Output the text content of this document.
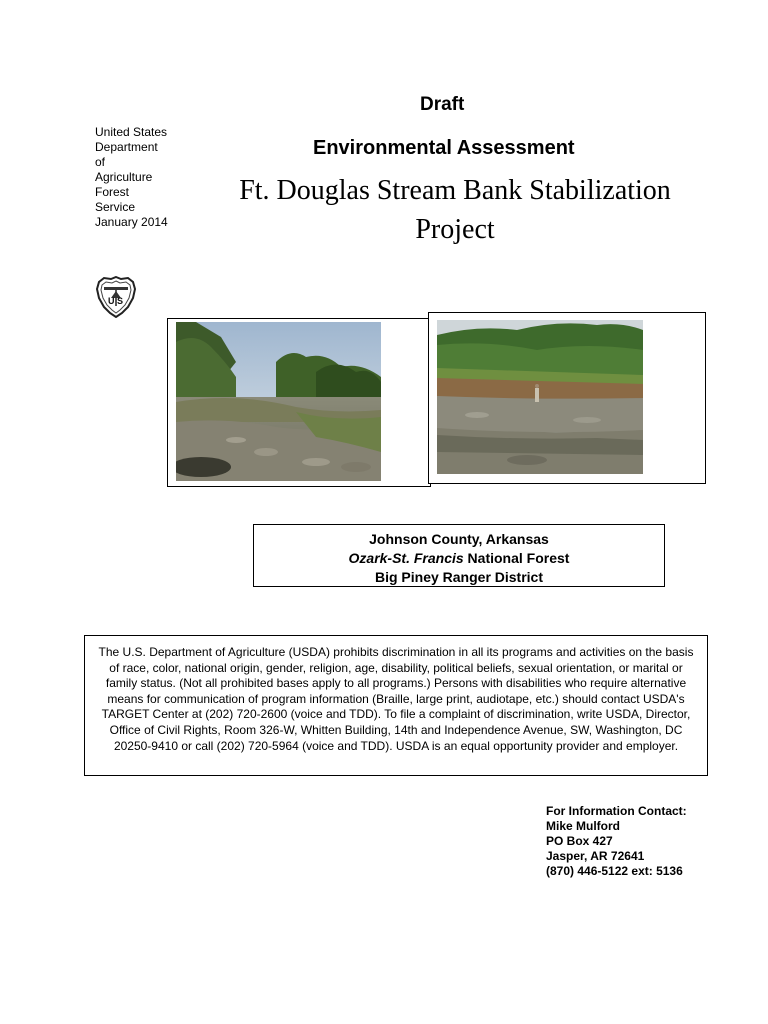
United States
Department
of
Agriculture
Forest
Service
January 2014
U S
Draft
Environmental Assessment
Ft. Douglas Stream Bank Stabilization
Project
Johnson County, Arkansas
Ozark-St. Francis National Forest
Big Piney Ranger District
The U.S. Department of Agriculture (USDA) prohibits discrimination in all its programs and activities on the basis of race, color, national origin, gender, religion, age, disability, political beliefs, sexual orientation, or marital or family status. (Not all prohibited bases apply to all programs.) Persons with disabilities who require alternative means for communication of program information (Braille, large print, audiotape, etc.) should contact USDA's TARGET Center at (202) 720-2600 (voice and TDD). To file a complaint of discrimination, write USDA, Director, Office of Civil Rights, Room 326-W, Whitten Building, 14th and Independence Avenue, SW, Washington, DC 20250-9410 or call (202) 720-5964 (voice and TDD). USDA is an equal opportunity provider and employer.
For Information Contact:
Mike Mulford
PO Box 427
Jasper, AR 72641
(870) 446-5122 ext: 5136
